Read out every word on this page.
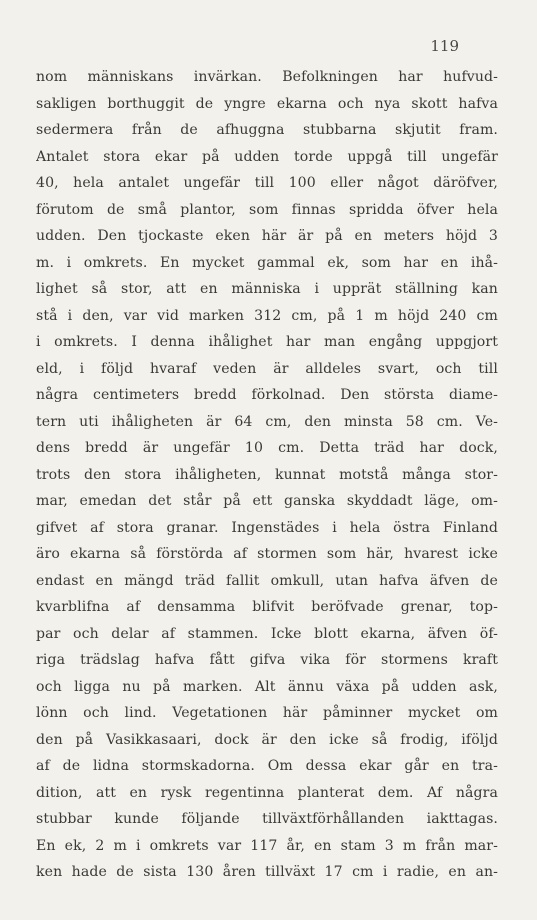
119
nom människans invärkan. Befolkningen har hufvud-
sakligen borthuggit de yngre ekarna och nya skott hafva
sedermera från de afhuggna stubbarna skjutit fram.
Antalet stora ekar på udden torde uppgå till ungefär
40, hela antalet ungefär till 100 eller något däröfver,
förutom de små plantor, som finnas spridda öfver hela
udden. Den tjockaste eken här är på en meters höjd 3
m. i omkrets. En mycket gammal ek, som har en ihå-
lighet så stor, att en människa i upprät ställning kan
stå i den, var vid marken 312 cm, på 1 m höjd 240 cm
i omkrets. I denna ihålighet har man engång uppgjort
eld, i följd hvaraf veden är alldeles svart, och till
några centimeters bredd förkolnad. Den största diame-
tern uti ihåligheten är 64 cm, den minsta 58 cm. Ve-
dens bredd är ungefär 10 cm. Detta träd har dock,
trots den stora ihåligheten, kunnat motstå många stor-
mar, emedan det står på ett ganska skyddadt läge, om-
gifvet af stora granar. Ingenstädes i hela östra Finland
äro ekarna så förstörda af stormen som här, hvarest icke
endast en mängd träd fallit omkull, utan hafva äfven de
kvarblifna af densamma blifvit beröfvade grenar, top-
par och delar af stammen. Icke blott ekarna, äfven öf-
riga trädslag hafva fått gifva vika för stormens kraft
och ligga nu på marken. Alt ännu växa på udden ask,
lönn och lind. Vegetationen här påminner mycket om
den på Vasikkasaari, dock är den icke så frodig, iföljd
af de lidna stormskadorna. Om dessa ekar går en tra-
dition, att en rysk regentinna planterat dem. Af några
stubbar kunde följande tillväxtförhållanden iakttagas.
En ek, 2 m i omkrets var 117 år, en stam 3 m från mar-
ken hade de sista 130 åren tillväxt 17 cm i radie, en an-
